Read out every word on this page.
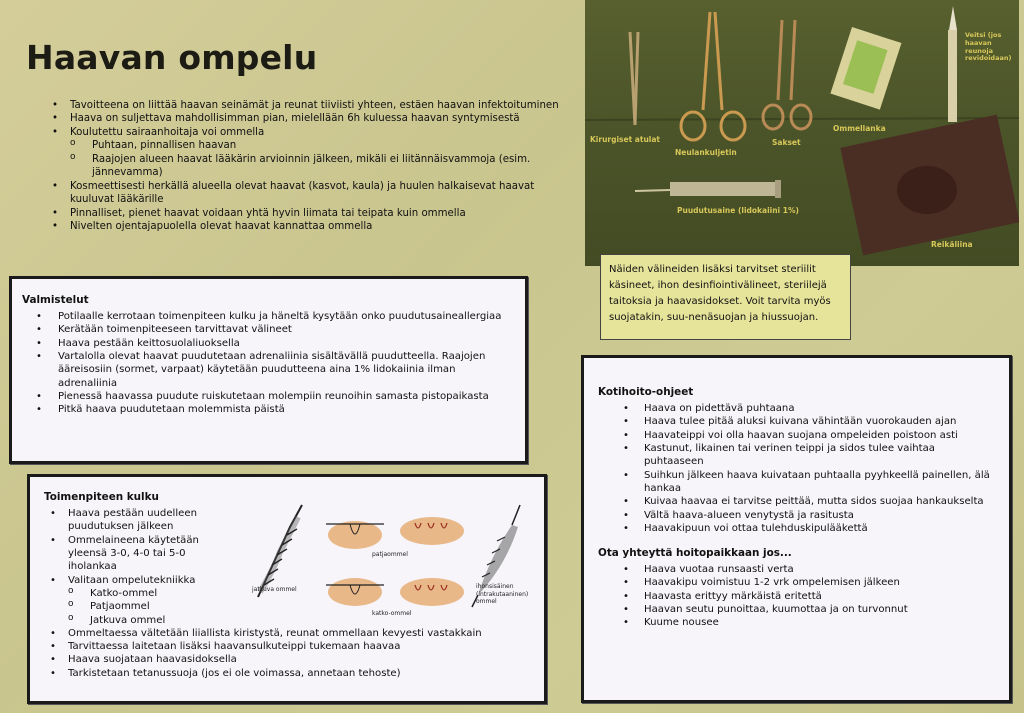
Haavan ompelu
• Tavoitteena on liittää haavan seinämät ja reunat tiiviisti yhteen, estäen haavan infektoituminen
• Haava on suljettava mahdollisimman pian, mielellään 6h kuluessa haavan syntymisestä
• Koulutettu sairaanhoitaja voi ommella
o Puhtaan, pinnallisen haavan
o Raajojen alueen haavat lääkärin arvioinnin jälkeen, mikäli ei liitännäisvammoja (esim. jännevamma)
• Kosmeettisesti herkällä alueella olevat haavat (kasvot, kaula) ja huulen halkaisevat haavat kuuluvat lääkärille
• Pinnalliset, pienet haavat voidaan yhtä hyvin liimata tai teipata kuin ommella
• Nivelten ojentajapuolella olevat haavat kannattaa ommella
Kirurgiset atulat
Neulankuljetin
Sakset
Ommellanka
Veitsi (jos haavan reunoja revidoidaan)
Puudutusaine (lidokaiini 1%)
Reikäliina
Näiden välineiden lisäksi tarvitset steriilit käsineet, ihon desinfiointivälineet, steriilejä taitoksia ja haavasidokset. Voit tarvita myös suojatakin, suu-nenäsuojan ja hiussuojan.
Valmistelut
• Potilaalle kerrotaan toimenpiteen kulku ja häneltä kysytään onko puudutusaineallergiaa
• Kerätään toimenpiteeseen tarvittavat välineet
• Haava pestään keittosuolaliuoksella
• Vartalolla olevat haavat puudutetaan adrenaliinia sisältävällä puudutteella. Raajojen ääreisosiin (sormet, varpaat) käytetään puudutteena aina 1% lidokaiinia ilman adrenaliinia
• Pienessä haavassa puudute ruiskutetaan molempiin reunoihin samasta pistopaikasta
• Pitkä haava puudutetaan molemmista päistä
Toimenpiteen kulku
• Haava pestään uudelleen puudutuksen jälkeen
• Ommelaineena käytetään yleensä 3-0, 4-0 tai 5-0 iholankaa
• Valitaan ompelutekniikka
o Katko-ommel
o Patjaommel
o Jatkuva ommel
• Ommeltaessa vältetään liiallista kiristystä, reunat ommellaan kevyesti vastakkain
• Tarvittaessa laitetaan lisäksi haavansulkuteippi tukemaan haavaa
• Haava suojataan haavasidoksella
• Tarkistetaan tetanussuoja (jos ei ole voimassa, annetaan tehoste)
jatkuva ommel
patjaommel
katko-ommel
ihonsisäinen (intrakutaaninen) ommel
Kotihoito-ohjeet
• Haava on pidettävä puhtaana
• Haava tulee pitää aluksi kuivana vähintään vuorokauden ajan
• Haavateippi voi olla haavan suojana ompeleiden poistoon asti
• Kastunut, likainen tai verinen teippi ja sidos tulee vaihtaa puhtaaseen
• Suihkun jälkeen haava kuivataan puhtaalla pyyhkeellä painellen, älä hankaa
• Kuivaa haavaa ei tarvitse peittää, mutta sidos suojaa hankaukselta
• Vältä haava-alueen venytystä ja rasitusta
• Haavakipuun voi ottaa tulehduskipulääkettä
Ota yhteyttä hoitopaikkaan jos...
• Haava vuotaa runsaasti verta
• Haavakipu voimistuu 1-2 vrk ompelemisen jälkeen
• Haavasta erittyy märkäistä eritettä
• Haavan seutu punoittaa, kuumottaa ja on turvonnut
• Kuume nousee
